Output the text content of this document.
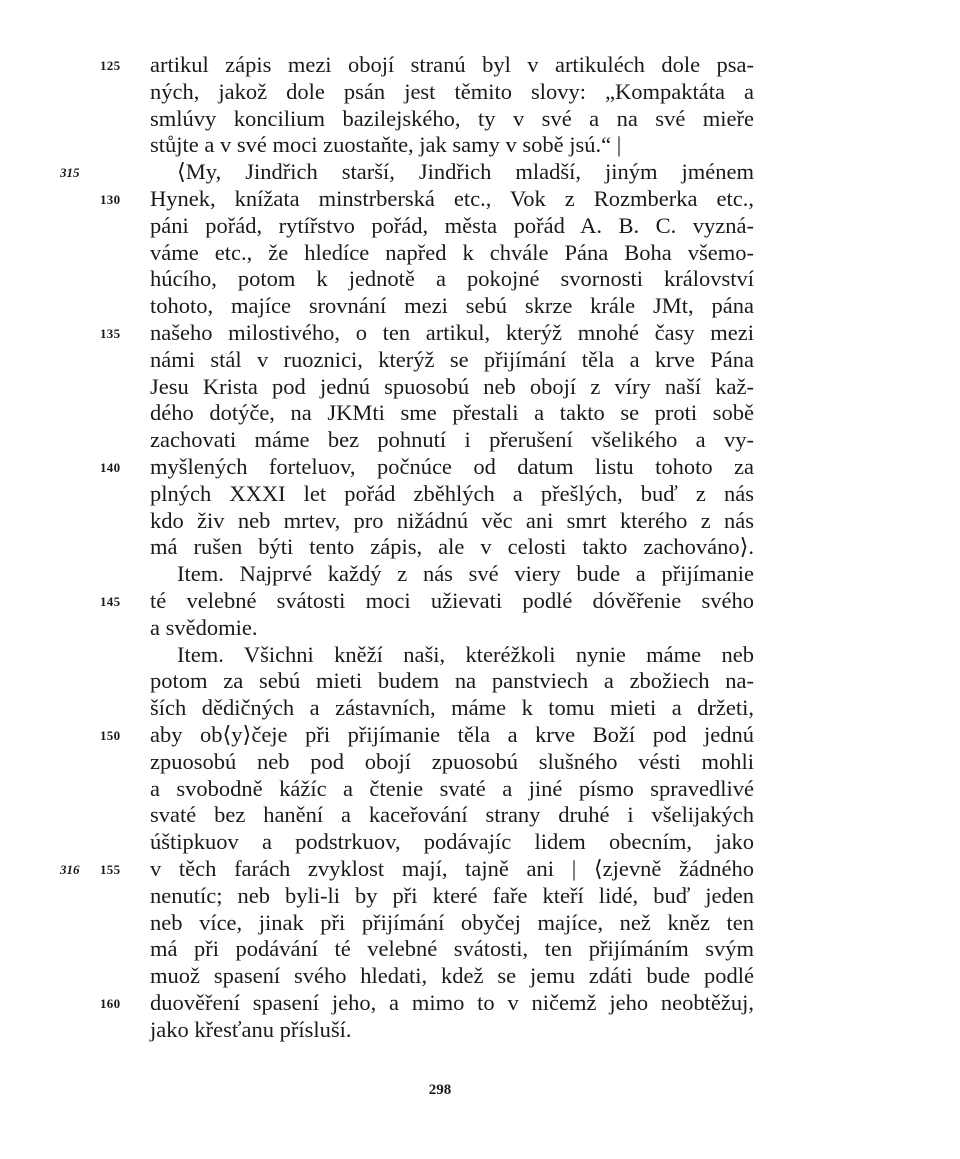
125	artikul zápis mezi obojí stranú byl v artikuléch dole psa-
ných, jakož dole psán jest těmito slovy: „Kompaktáta a
smlúvy koncilium bazilejského, ty v své a na své mieře
stůjte a v své moci zuostaňte, jak samy v sobě jsú.“ |
315	⟨My, Jindřich starší, Jindřich mladší, jiným jménem
130	Hynek, knížata minstrberská etc., Vok z Rozmberka etc.,
páni pořád, rytířstvo pořád, města pořád A. B. C. vyzná-
váme etc., že hledíce napřed k chvále Pána Boha všemo-
húcího, potom k jednotě a pokojné svornosti království
tohoto, majíce srovnání mezi sebú skrze krále JMt, pána
135	našeho milostivého, o ten artikul, kterýž mnohé časy mezi
námi stál v ruoznici, kterýž se přijímání těla a krve Pána
Jesu Krista pod jednú spuosobú neb obojí z víry naší kaž-
dého dotýče, na JKMti sme přestali a takto se proti sobě
zachovati máme bez pohnutí i přerušení všelikého a vy-
140	myšlených forteluov, počnúce od datum listu tohoto za
plných XXXI let pořád zběhlých a přešlých, buď z nás
kdo živ neb mrtev, pro nižádnú věc ani smrt kterého z nás
má rušen býti tento zápis, ale v celosti takto zachováno⟩.
Item. Najprvé každý z nás své viery bude a přijímanie
145	té velebné svátosti moci užievati podlé dóvěřenie svého
a svědomie.
Item. Všichni kněží naši, kteréžkoli nynie máme neb
potom za sebú mieti budem na panstviech a zbožiech na-
ších dědičných a zástavních, máme k tomu mieti a držeti,
150	aby ob⟨y⟩čeje při přijímanie těla a krve Boží pod jednú
zpuosobú neb pod obojí zpuosobú slušného vésti mohli
a svobodně kážíc a čtenie svaté a jiné písmo spravedlivé
svaté bez hanění a kaceřování strany druhé i všelijakých
úštipkuov a podstrkuov, podávajíc lidem obecním, jako
316	155	v těch farách zvyklost mají, tajně ani | ⟨zjevně žádného
nenutíc; neb byli-li by při které faře kteří lidé, buď jeden
neb více, jinak při přijímání obyčej majíce, než kněz ten
má při podávání té velebné svátosti, ten přijímáním svým
muož spasení svého hledati, kdež se jemu zdáti bude podlé
160	duověření spasení jeho, a mimo to v ničemž jeho neobtěžuj,
jako křesťanu přísluší.
298
